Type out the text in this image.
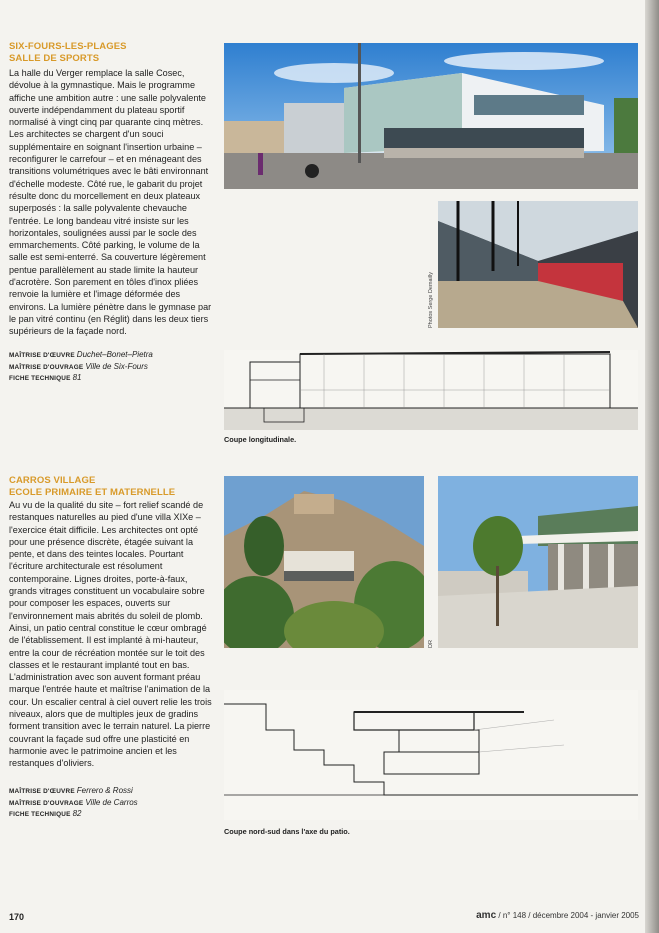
SIX-FOURS-LES-PLAGES
SALLE DE SPORTS
La halle du Verger remplace la salle Cosec, dévolue à la gymnastique. Mais le programme affiche une ambition autre : une salle polyvalente ouverte indépendamment du plateau sportif normalisé à vingt cinq par quarante cinq mètres. Les architectes se chargent d'un souci supplémentaire en soignant l'insertion urbaine – reconfigurer le carrefour – et en ménageant des transitions volumétriques avec le bâti environnant d'échelle modeste. Côté rue, le gabarit du projet résulte donc du morcellement en deux plateaux superposés : la salle polyvalente chevauche l'entrée. Le long bandeau vitré insiste sur les horizontales, soulignées aussi par le socle des emmarchements. Côté parking, le volume de la salle est semi-enterré. Sa couverture légèrement pentue parallèlement au stade limite la hauteur d'acrotère. Son parement en tôles d'inox pliées renvoie la lumière et l'image déformée des environs. La lumière pénètre dans le gymnase par le pan vitré continu (en Réglit) dans les deux tiers supérieurs de la façade nord.
MAÎTRISE D'ŒUVRE Duchet–Bonet–Pietra
MAÎTRISE D'OUVRAGE Ville de Six-Fours
FICHE TECHNIQUE 81
Photos Serge Demailly
Coupe longitudinale.
CARROS VILLAGE
ECOLE PRIMAIRE ET MATERNELLE
Au vu de la qualité du site – fort relief scandé de restanques naturelles au pied d'une villa XIXe – l'exercice était difficile. Les architectes ont opté pour une présence discrète, étagée suivant la pente, et dans des teintes locales. Pourtant l'écriture architecturale est résolument contemporaine. Lignes droites, porte-à-faux, grands vitrages constituent un vocabulaire sobre pour composer les espaces, ouverts sur l'environnement mais abrités du soleil de plomb. Ainsi, un patio central constitue le cœur ombragé de l'établissement. Il est implanté à mi-hauteur, entre la cour de récréation montée sur le toit des classes et le restaurant implanté tout en bas. L'administration avec son auvent formant préau marque l'entrée haute et maîtrise l'animation de la cour. Un escalier central à ciel ouvert relie les trois niveaux, alors que de multiples jeux de gradins forment transition avec le terrain naturel. La pierre couvrant la façade sud offre une plasticité en harmonie avec le patrimoine ancien et les restanques d'oliviers.
MAÎTRISE D'ŒUVRE Ferrero & Rossi
MAÎTRISE D'OUVRAGE Ville de Carros
FICHE TECHNIQUE 82
DR
Coupe nord-sud dans l'axe du patio.
170	amc / n° 148 / décembre 2004 - janvier 2005
